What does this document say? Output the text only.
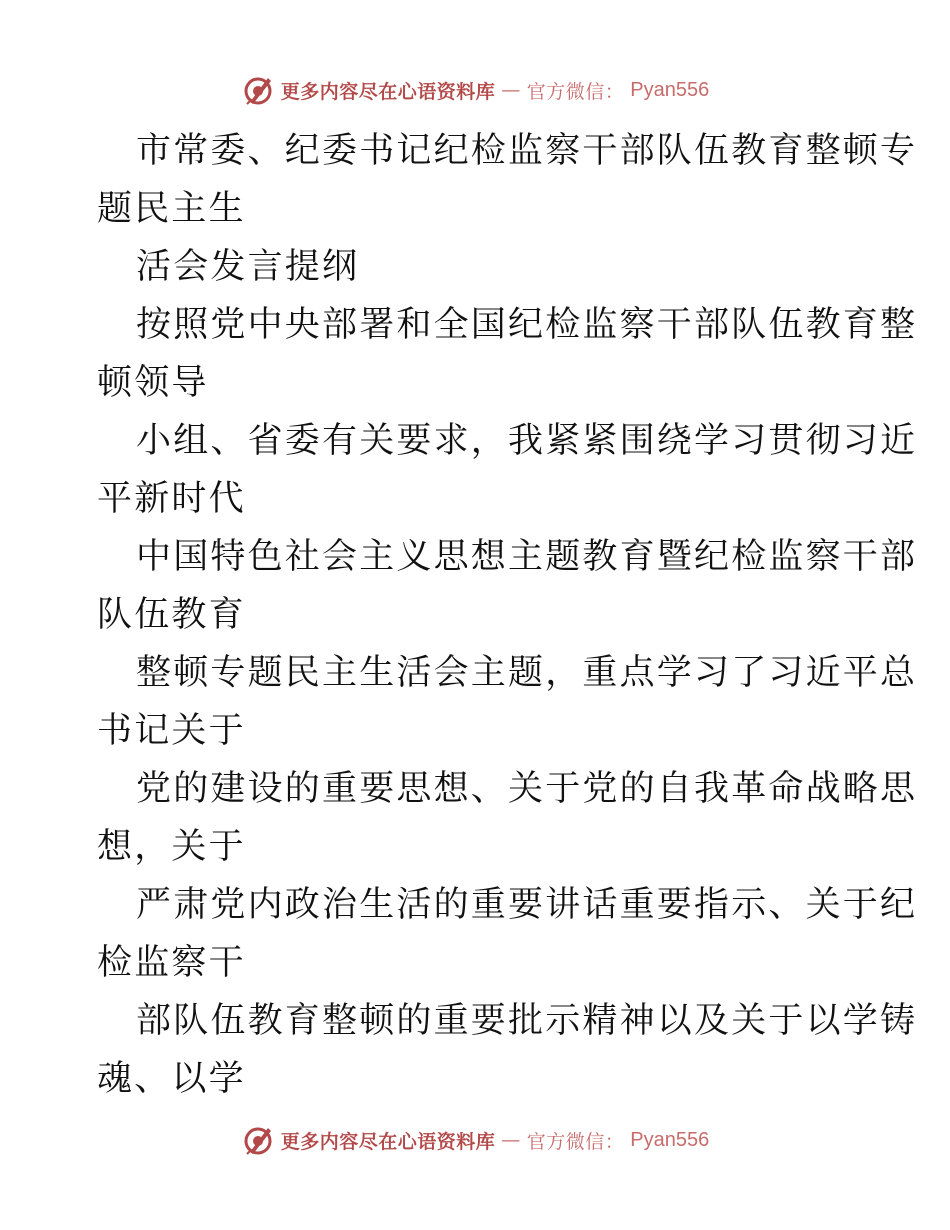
更多内容尽在心语资料库 — 官方微信： Pyan556
市常委、纪委书记纪检监察干部队伍教育整顿专
题民主生
活会发言提纲
按照党中央部署和全国纪检监察干部队伍教育整
顿领导
小组、省委有关要求，我紧紧围绕学习贯彻习近
平新时代
中国特色社会主义思想主题教育暨纪检监察干部
队伍教育
整顿专题民主生活会主题，重点学习了习近平总
书记关于
党的建设的重要思想、关于党的自我革命战略思
想，关于
严肃党内政治生活的重要讲话重要指示、关于纪
检监察干
部队伍教育整顿的重要批示精神以及关于以学铸
魂、以学
更多内容尽在心语资料库 — 官方微信： Pyan556
